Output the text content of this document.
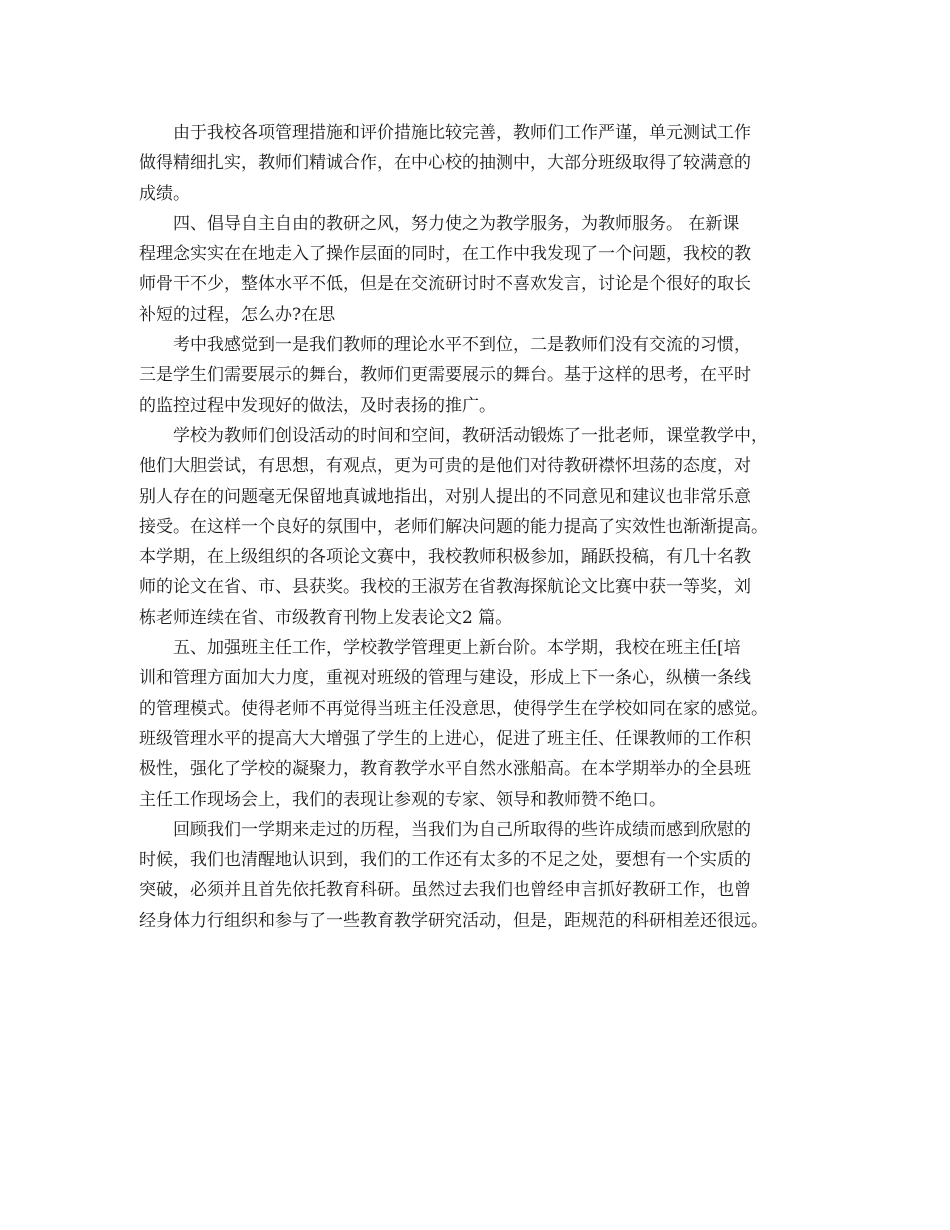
由于我校各项管理措施和评价措施比较完善，教师们工作严谨，单元测试工作
做得精细扎实，教师们精诚合作，在中心校的抽测中，大部分班级取得了较满意的
成绩。
四、倡导自主自由的教研之风，努力使之为教学服务，为教师服务。 在新课
程理念实实在在地走入了操作层面的同时，在工作中我发现了一个问题，我校的教
师骨干不少，整体水平不低，但是在交流研讨时不喜欢发言，讨论是个很好的取长
补短的过程，怎么办?在思
考中我感觉到一是我们教师的理论水平不到位，二是教师们没有交流的习惯，
三是学生们需要展示的舞台，教师们更需要展示的舞台。基于这样的思考，在平时
的监控过程中发现好的做法，及时表扬的推广。
学校为教师们创设活动的时间和空间，教研活动锻炼了一批老师，课堂教学中，
他们大胆尝试，有思想，有观点，更为可贵的是他们对待教研襟怀坦荡的态度，对
别人存在的问题毫无保留地真诚地指出，对别人提出的不同意见和建议也非常乐意
接受。在这样一个良好的氛围中，老师们解决问题的能力提高了实效性也渐渐提高。
本学期，在上级组织的各项论文赛中，我校教师积极参加，踊跃投稿，有几十名教
师的论文在省、市、县获奖。我校的王淑芳在省教海探航论文比赛中获一等奖，刘
栋老师连续在省、市级教育刊物上发表论文2 篇。
五、加强班主任工作，学校教学管理更上新台阶。本学期，我校在班主任[培
训和管理方面加大力度，重视对班级的管理与建设，形成上下一条心，纵横一条线
的管理模式。使得老师不再觉得当班主任没意思，使得学生在学校如同在家的感觉。
班级管理水平的提高大大增强了学生的上进心，促进了班主任、任课教师的工作积
极性，强化了学校的凝聚力，教育教学水平自然水涨船高。在本学期举办的全县班
主任工作现场会上，我们的表现让参观的专家、领导和教师赞不绝口。
回顾我们一学期来走过的历程，当我们为自己所取得的些许成绩而感到欣慰的
时候，我们也清醒地认识到，我们的工作还有太多的不足之处，要想有一个实质的
突破，必须并且首先依托教育科研。虽然过去我们也曾经申言抓好教研工作，也曾
经身体力行组织和参与了一些教育教学研究活动，但是，距规范的科研相差还很远。
